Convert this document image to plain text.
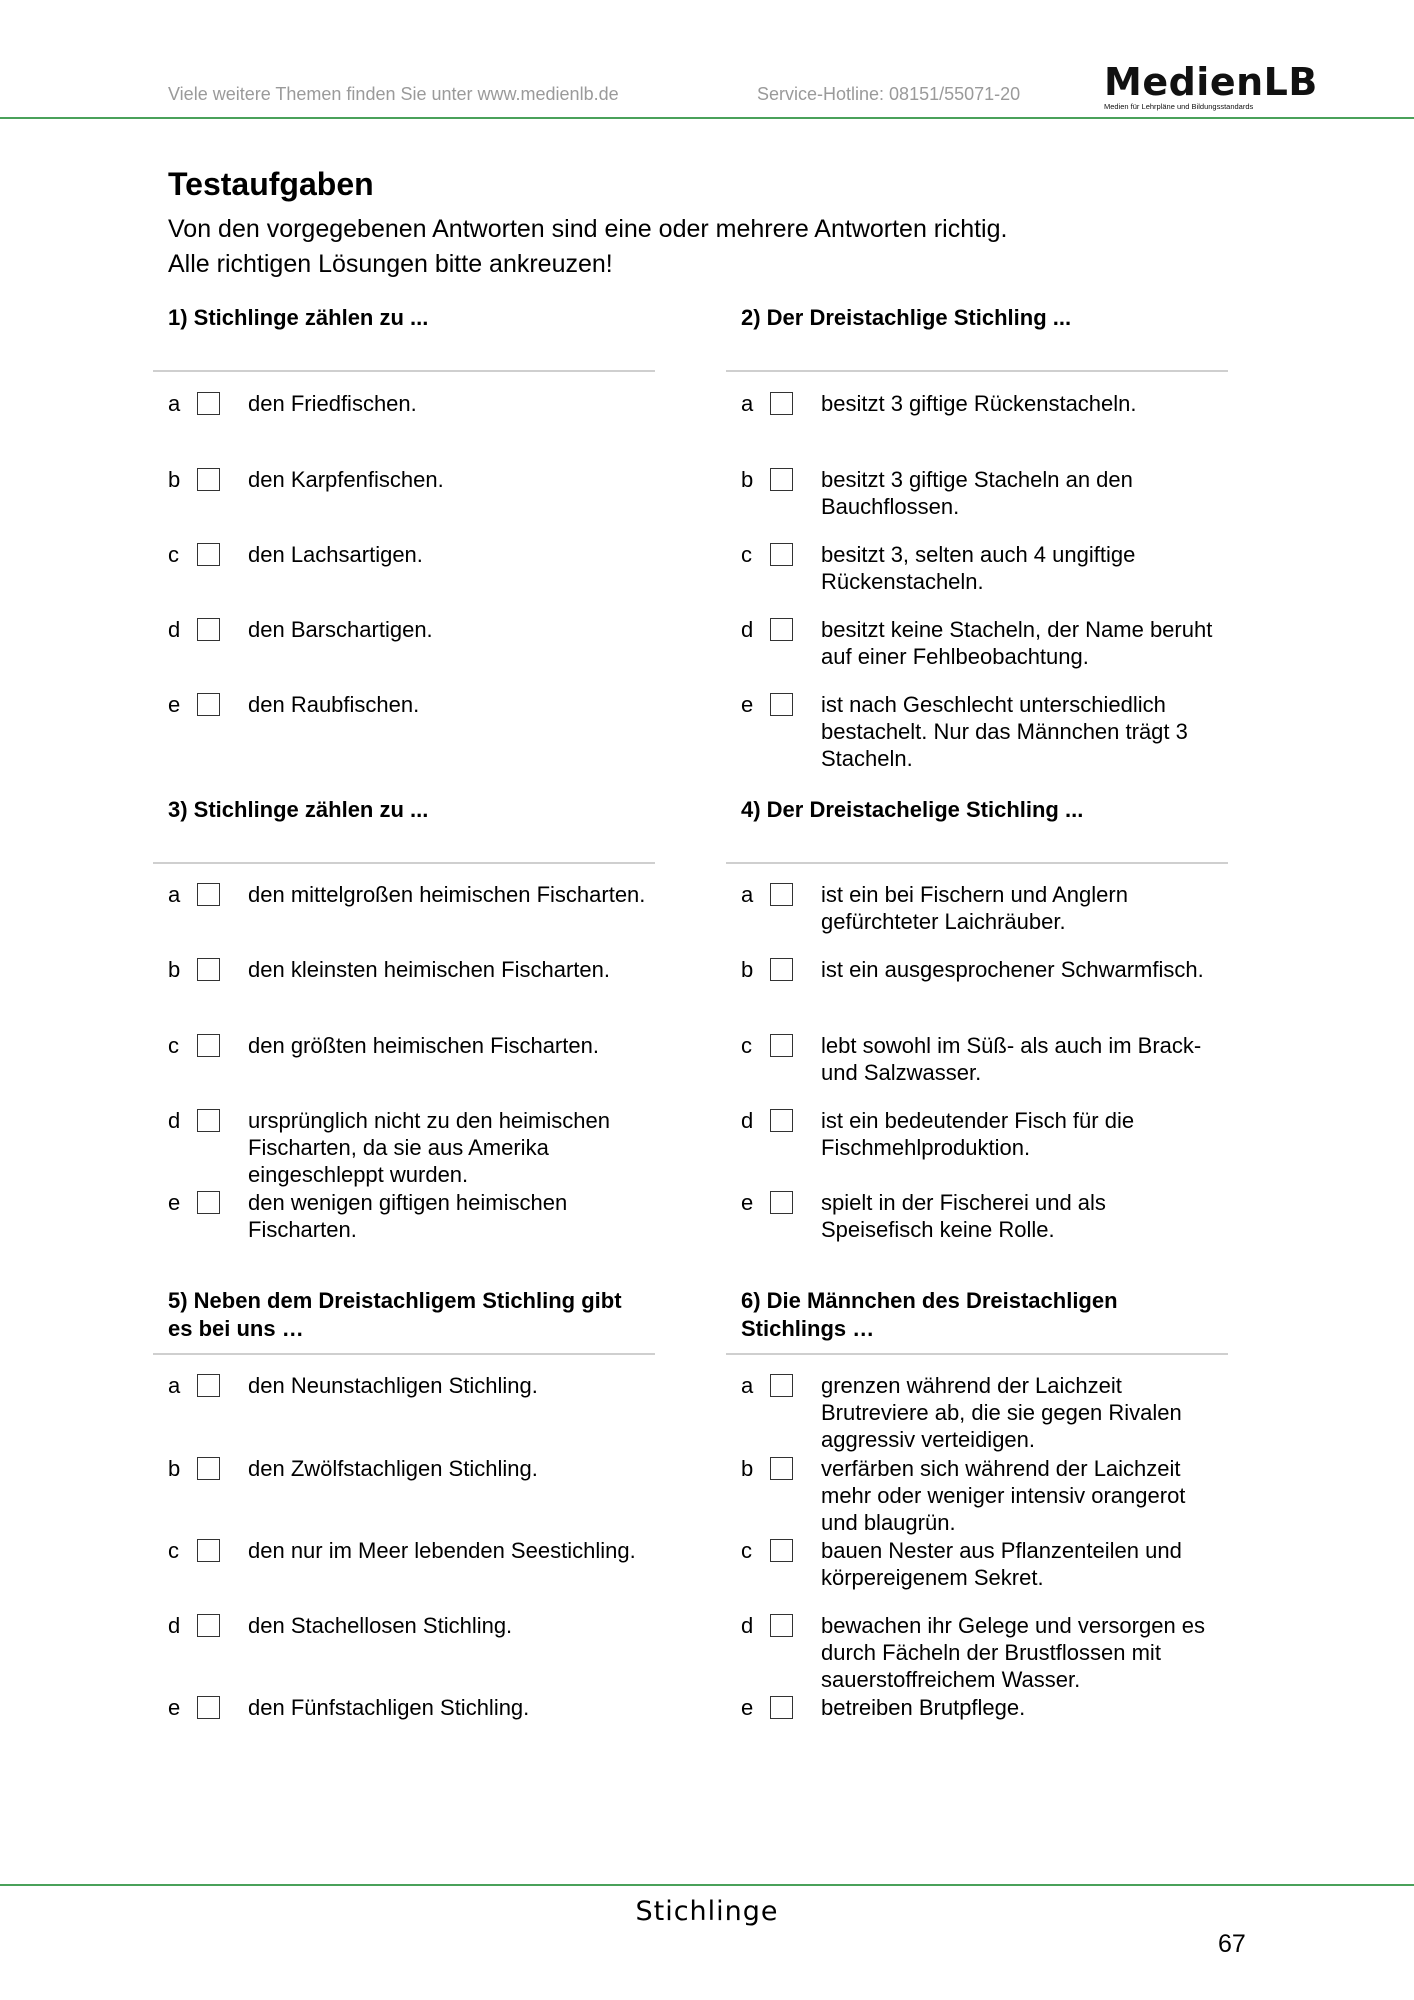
Viele weitere Themen finden Sie unter www.medienlb.de	Service-Hotline: 08151/55071-20 MedienLB
Medien für Lehrpläne und Bildungsstandards
Testaufgaben
Von den vorgegebenen Antworten sind eine oder mehrere Antworten richtig.
Alle richtigen Lösungen bitte ankreuzen!
1) Stichlinge zählen zu ...
a	den Friedfischen.
b	den Karpfenfischen.
c	den Lachsartigen.
d	den Barschartigen.
e	den Raubfischen.
2) Der Dreistachlige Stichling ...
a	besitzt 3 giftige Rückenstacheln.
b	besitzt 3 giftige Stacheln an den
Bauchflossen.
c	besitzt 3, selten auch 4 ungiftige
Rückenstacheln.
d	besitzt keine Stacheln, der Name beruht
auf einer Fehlbeobachtung.
e	ist nach Geschlecht unterschiedlich
bestachelt. Nur das Männchen trägt 3
Stacheln.
3) Stichlinge zählen zu ...
a	den mittelgroßen heimischen Fischarten.
b	den kleinsten heimischen Fischarten.
c	den größten heimischen Fischarten.
d	ursprünglich nicht zu den heimischen
Fischarten, da sie aus Amerika
eingeschleppt wurden.
e	den wenigen giftigen heimischen
Fischarten.
4) Der Dreistachelige Stichling ...
a	ist ein bei Fischern und Anglern
gefürchteter Laichräuber.
b	ist ein ausgesprochener Schwarmfisch.
c	lebt sowohl im Süß- als auch im Brack-
und Salzwasser.
d	ist ein bedeutender Fisch für die
Fischmehlproduktion.
e	spielt in der Fischerei und als
Speisefisch keine Rolle.
5) Neben dem Dreistachligem Stichling gibt
es bei uns …
a	den Neunstachligen Stichling.
b	den Zwölfstachligen Stichling.
c	den nur im Meer lebenden Seestichling.
d	den Stachellosen Stichling.
e	den Fünfstachligen Stichling.
6) Die Männchen des Dreistachligen
Stichlings …
a	grenzen während der Laichzeit
Brutreviere ab, die sie gegen Rivalen
aggressiv verteidigen.
b	verfärben sich während der Laichzeit
mehr oder weniger intensiv orangerot
und blaugrün.
c	bauen Nester aus Pflanzenteilen und
körpereigenem Sekret.
d	bewachen ihr Gelege und versorgen es
durch Fächeln der Brustflossen mit
sauerstoffreichem Wasser.
e	betreiben Brutpflege.
Stichlinge
67
